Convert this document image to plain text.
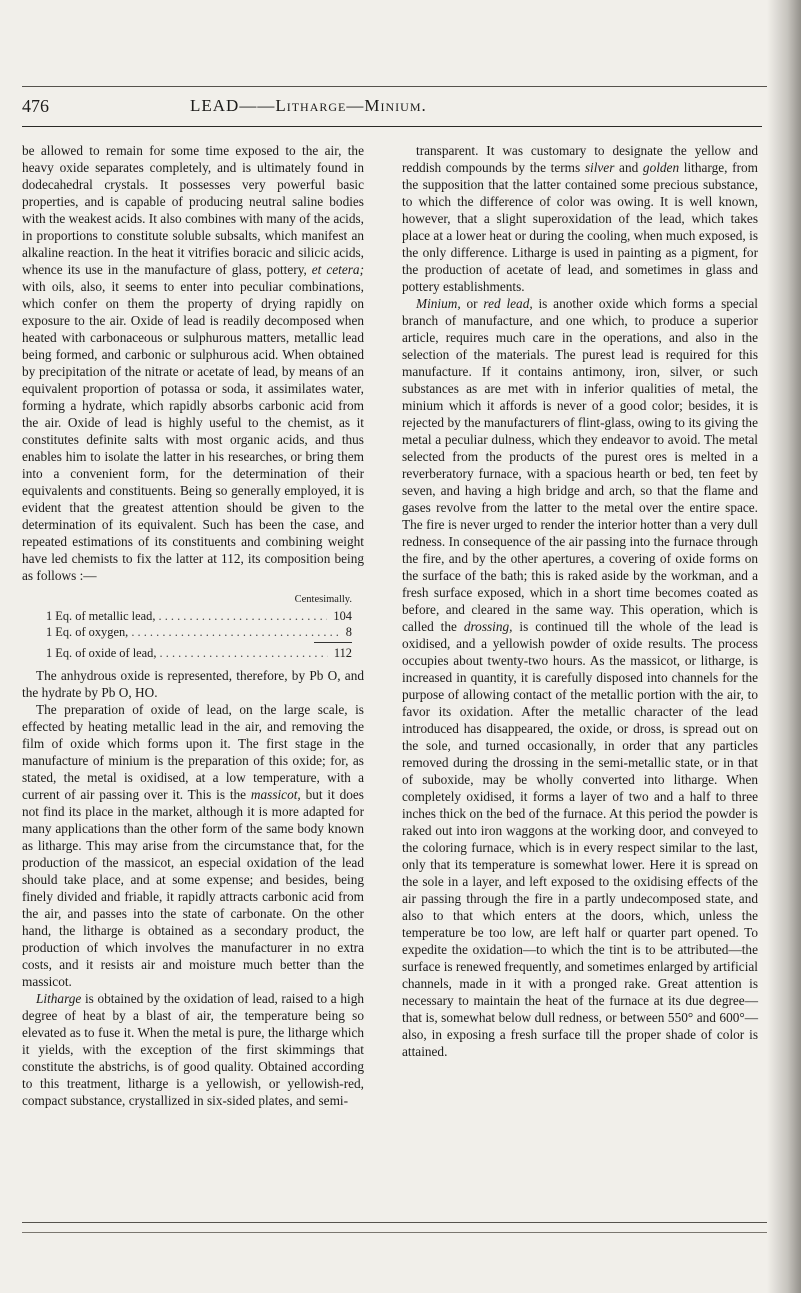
476	LEAD——Litharge—Minium.

be allowed to remain for some time exposed to the air, the heavy oxide separates completely, and is ultimately found in dodecahedral crystals. It possesses very powerful basic properties, and is capable of producing neutral saline bodies with the weakest acids. It also combines with many of the acids, in proportions to constitute soluble subsalts, which manifest an alkaline reaction. In the heat it vitrifies boracic and silicic acids, whence its use in the manufacture of glass, pottery, et cetera; with oils, also, it seems to enter into peculiar combinations, which confer on them the property of drying rapidly on exposure to the air. Oxide of lead is readily decomposed when heated with carbonaceous or sulphurous matters, metallic lead being formed, and carbonic or sulphurous acid. When obtained by precipitation of the nitrate or acetate of lead, by means of an equivalent proportion of potassa or soda, it assimilates water, forming a hydrate, which rapidly absorbs carbonic acid from the air. Oxide of lead is highly useful to the chemist, as it constitutes definite salts with most organic acids, and thus enables him to isolate the latter in his researches, or bring them into a convenient form, for the determination of their equivalents and constituents. Being so generally employed, it is evident that the greatest attention should be given to the determination of its equivalent. Such has been the case, and repeated estimations of its constituents and combining weight have led chemists to fix the latter at 112, its composition being as follows :—

Centesimally.
1 Eq. of metallic lead, . . .	104
1 Eq. of oxygen, . . .	8
1 Eq. of oxide of lead, . . .	112

The anhydrous oxide is represented, therefore, by Pb O, and the hydrate by Pb O, HO.

The preparation of oxide of lead, on the large scale, is effected by heating metallic lead in the air, and removing the film of oxide which forms upon it. The first stage in the manufacture of minium is the preparation of this oxide; for, as stated, the metal is oxidised, at a low temperature, with a current of air passing over it. This is the massicot, but it does not find its place in the market, although it is more adapted for many applications than the other form of the same body known as litharge. This may arise from the circumstance that, for the production of the massicot, an especial oxidation of the lead should take place, and at some expense; and besides, being finely divided and friable, it rapidly attracts carbonic acid from the air, and passes into the state of carbonate. On the other hand, the litharge is obtained as a secondary product, the production of which involves the manufacturer in no extra costs, and it resists air and moisture much better than the massicot.

Litharge is obtained by the oxidation of lead, raised to a high degree of heat by a blast of air, the temperature being so elevated as to fuse it. When the metal is pure, the litharge which it yields, with the exception of the first skimmings that constitute the abstrichs, is of good quality. Obtained according to this treatment, litharge is a yellowish, or yellowish-red, compact substance, crystallized in six-sided plates, and semi-

transparent. It was customary to designate the yellow and reddish compounds by the terms silver and golden litharge, from the supposition that the latter contained some precious substance, to which the difference of color was owing. It is well known, however, that a slight superoxidation of the lead, which takes place at a lower heat or during the cooling, when much exposed, is the only difference. Litharge is used in painting as a pigment, for the production of acetate of lead, and sometimes in glass and pottery establishments.

Minium, or red lead, is another oxide which forms a special branch of manufacture, and one which, to produce a superior article, requires much care in the operations, and also in the selection of the materials. The purest lead is required for this manufacture. If it contains antimony, iron, silver, or such substances as are met with in inferior qualities of metal, the minium which it affords is never of a good color; besides, it is rejected by the manufacturers of flint-glass, owing to its giving the metal a peculiar dulness, which they endeavor to avoid. The metal selected from the products of the purest ores is melted in a reverberatory furnace, with a spacious hearth or bed, ten feet by seven, and having a high bridge and arch, so that the flame and gases revolve from the latter to the metal over the entire space. The fire is never urged to render the interior hotter than a very dull redness. In consequence of the air passing into the furnace through the fire, and by the other apertures, a covering of oxide forms on the surface of the bath; this is raked aside by the workman, and a fresh surface exposed, which in a short time becomes coated as before, and cleared in the same way. This operation, which is called the drossing, is continued till the whole of the lead is oxidised, and a yellowish powder of oxide results. The process occupies about twenty-two hours. As the massicot, or litharge, is increased in quantity, it is carefully disposed into channels for the purpose of allowing contact of the metallic portion with the air, to favor its oxidation. After the metallic character of the lead introduced has disappeared, the oxide, or dross, is spread out on the sole, and turned occasionally, in order that any particles removed during the drossing in the semi-metallic state, or in that of suboxide, may be wholly converted into litharge. When completely oxidised, it forms a layer of two and a half to three inches thick on the bed of the furnace. At this period the powder is raked out into iron waggons at the working door, and conveyed to the coloring furnace, which is in every respect similar to the last, only that its temperature is somewhat lower. Here it is spread on the sole in a layer, and left exposed to the oxidising effects of the air passing through the fire in a partly undecomposed state, and also to that which enters at the doors, which, unless the temperature be too low, are left half or quarter part opened. To expedite the oxidation—to which the tint is to be attributed—the surface is renewed frequently, and sometimes enlarged by artificial channels, made in it with a pronged rake. Great attention is necessary to maintain the heat of the furnace at its due degree—that is, somewhat below dull redness, or between 550° and 600°—also, in exposing a fresh surface till the proper shade of color is attained.
